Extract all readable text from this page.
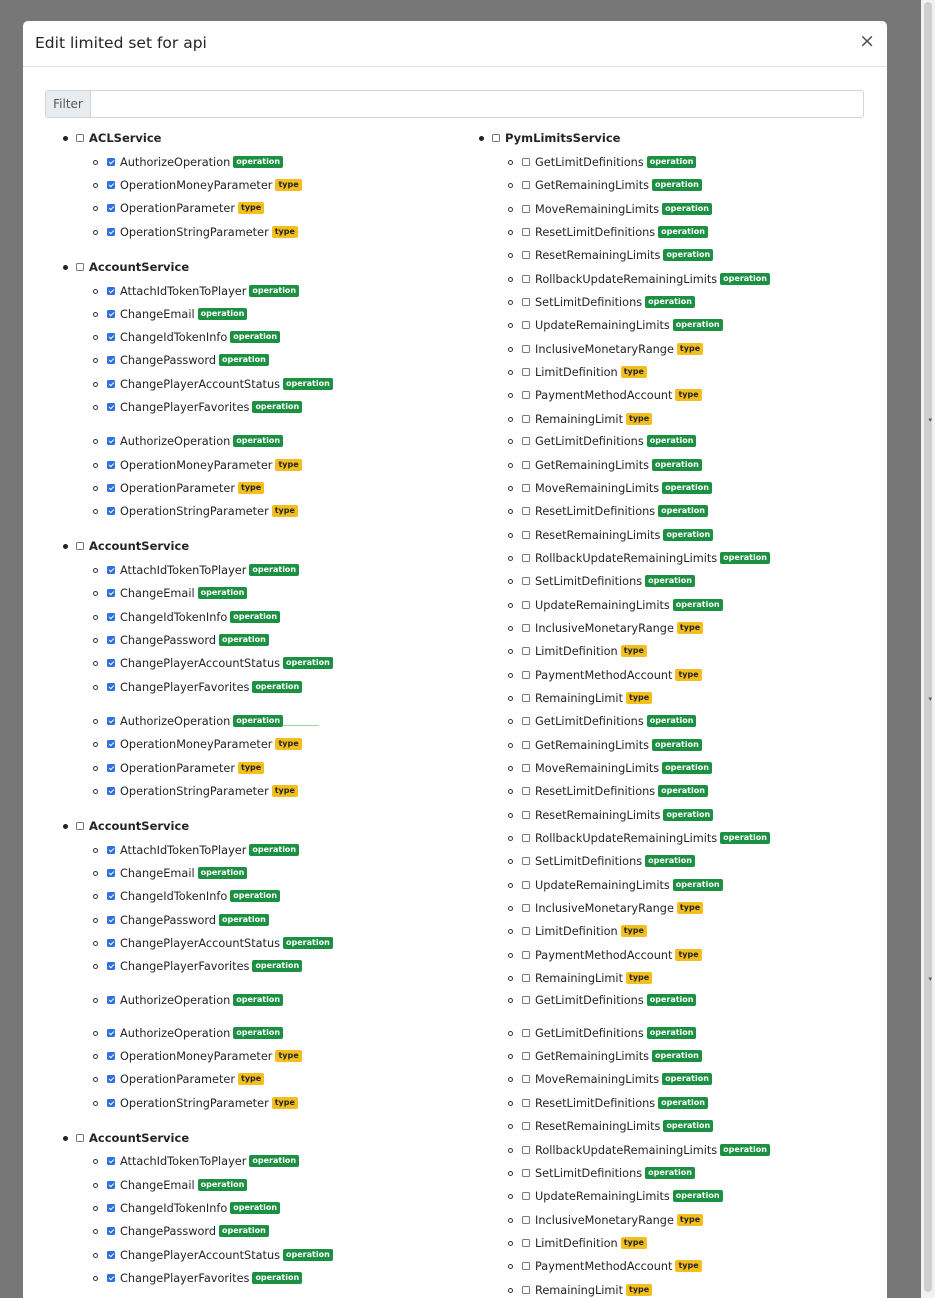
▾
▾
▾
Edit limited set for api	×
Filter
ACLService
AuthorizeOperation operation
OperationMoneyParameter type
OperationParameter type
OperationStringParameter type
AccountService
AttachIdTokenToPlayer operation
ChangeEmail operation
ChangeIdTokenInfo operation
ChangePassword operation
ChangePlayerAccountStatus operation
ChangePlayerFavorites operation
AuthorizeOperation operation
OperationMoneyParameter type
OperationParameter type
OperationStringParameter type
AccountService
AttachIdTokenToPlayer operation
ChangeEmail operation
ChangeIdTokenInfo operation
ChangePassword operation
ChangePlayerAccountStatus operation
ChangePlayerFavorites operation
AuthorizeOperation operation
OperationMoneyParameter type
OperationParameter type
OperationStringParameter type
AccountService
AttachIdTokenToPlayer operation
ChangeEmail operation
ChangeIdTokenInfo operation
ChangePassword operation
ChangePlayerAccountStatus operation
ChangePlayerFavorites operation
AuthorizeOperation operation
AuthorizeOperation operation
OperationMoneyParameter type
OperationParameter type
OperationStringParameter type
AccountService
AttachIdTokenToPlayer operation
ChangeEmail operation
ChangeIdTokenInfo operation
ChangePassword operation
ChangePlayerAccountStatus operation
ChangePlayerFavorites operation
PymLimitsService
GetLimitDefinitions operation
GetRemainingLimits operation
MoveRemainingLimits operation
ResetLimitDefinitions operation
ResetRemainingLimits operation
RollbackUpdateRemainingLimits operation
SetLimitDefinitions operation
UpdateRemainingLimits operation
InclusiveMonetaryRange type
LimitDefinition type
PaymentMethodAccount type
RemainingLimit type
GetLimitDefinitions operation
GetRemainingLimits operation
MoveRemainingLimits operation
ResetLimitDefinitions operation
ResetRemainingLimits operation
RollbackUpdateRemainingLimits operation
SetLimitDefinitions operation
UpdateRemainingLimits operation
InclusiveMonetaryRange type
LimitDefinition type
PaymentMethodAccount type
RemainingLimit type
GetLimitDefinitions operation
GetRemainingLimits operation
MoveRemainingLimits operation
ResetLimitDefinitions operation
ResetRemainingLimits operation
RollbackUpdateRemainingLimits operation
SetLimitDefinitions operation
UpdateRemainingLimits operation
InclusiveMonetaryRange type
LimitDefinition type
PaymentMethodAccount type
RemainingLimit type
GetLimitDefinitions operation
GetLimitDefinitions operation
GetRemainingLimits operation
MoveRemainingLimits operation
ResetLimitDefinitions operation
ResetRemainingLimits operation
RollbackUpdateRemainingLimits operation
SetLimitDefinitions operation
UpdateRemainingLimits operation
InclusiveMonetaryRange type
LimitDefinition type
PaymentMethodAccount type
RemainingLimit type
